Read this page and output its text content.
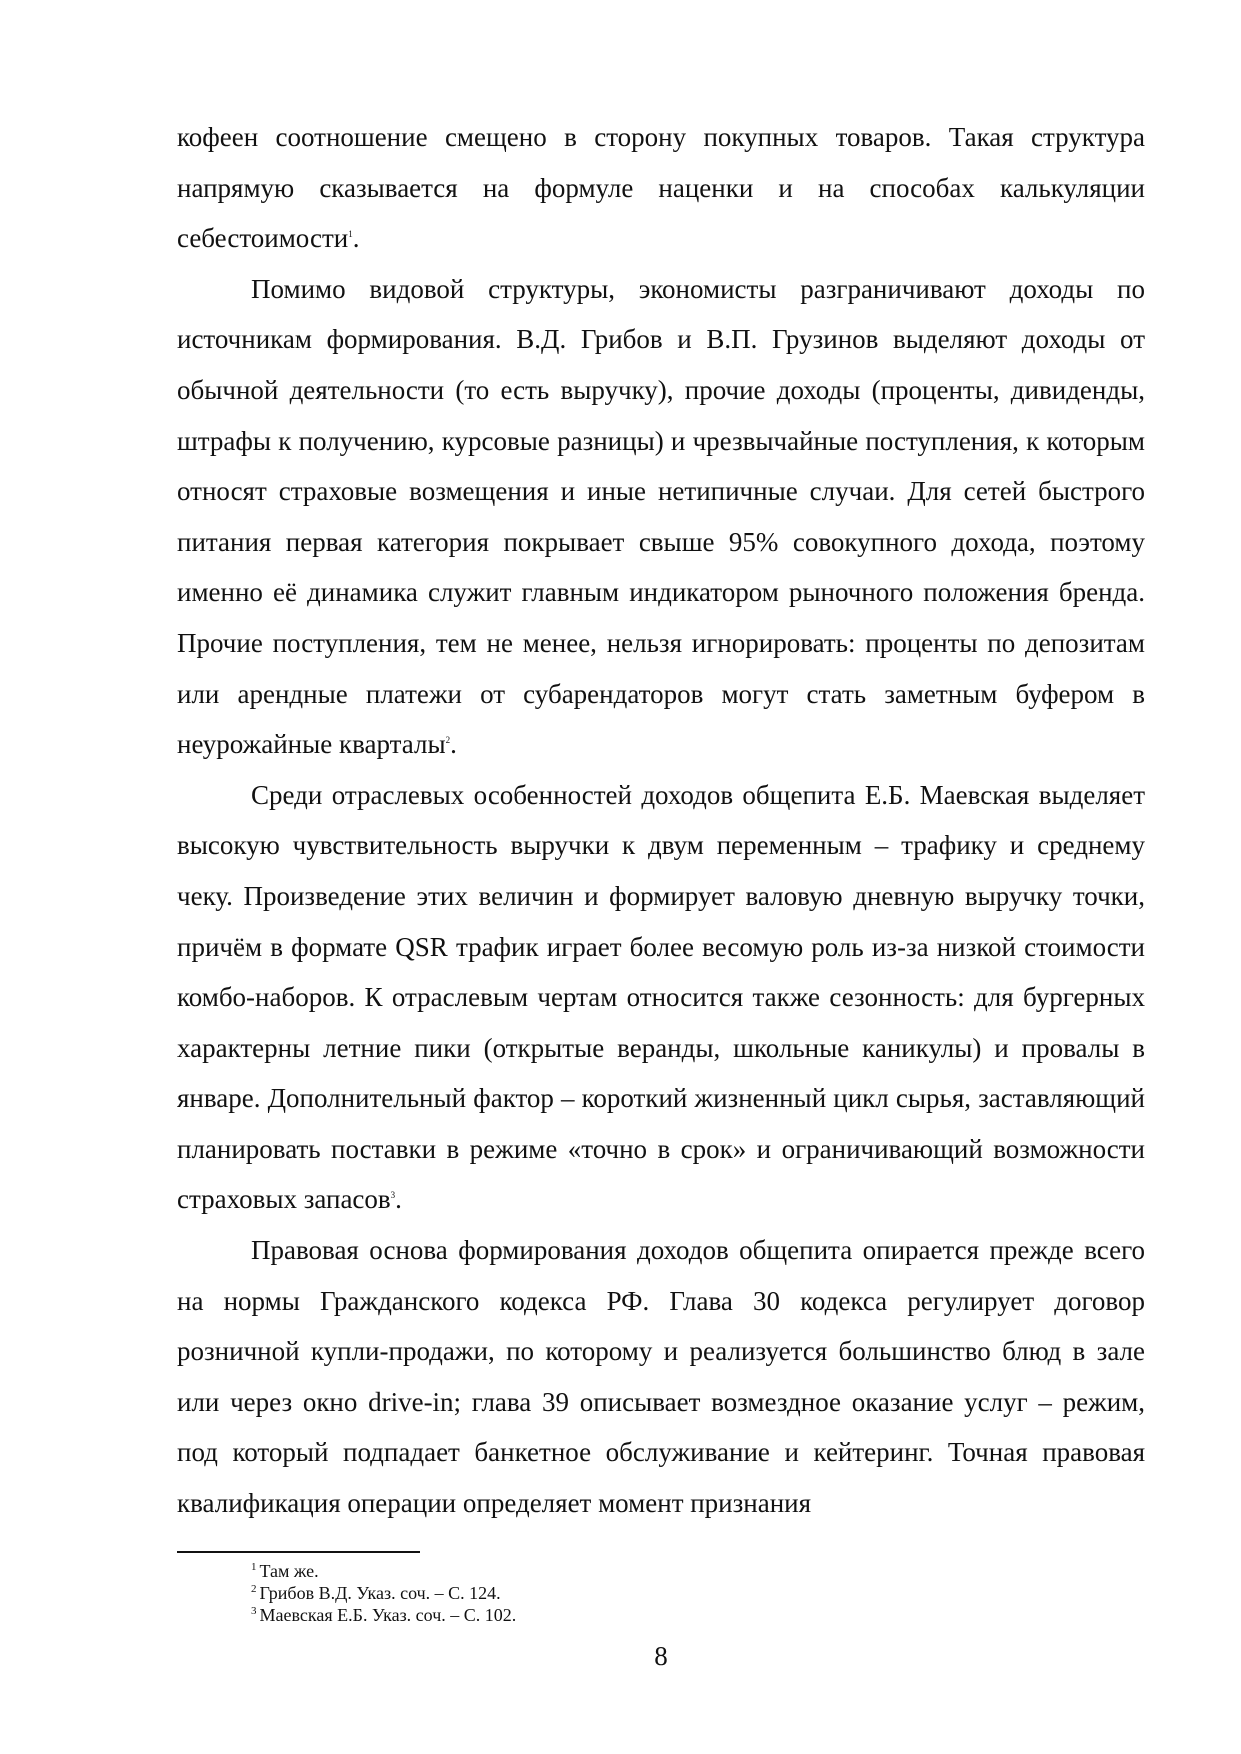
кофеен соотношение смещено в сторону покупных товаров. Такая структура напрямую сказывается на формуле наценки и на способах калькуляции себестоимости$^1$.

Помимо видовой структуры, экономисты разграничивают доходы по источникам формирования. В.Д. Грибов и В.П. Грузинов выделяют доходы от обычной деятельности (то есть выручку), прочие доходы (проценты, дивиденды, штрафы к получению, курсовые разницы) и чрезвычайные поступления, к которым относят страховые возмещения и иные нетипичные случаи. Для сетей быстрого питания первая категория покрывает свыше 95% совокупного дохода, поэтому именно её динамика служит главным индикатором рыночного положения бренда. Прочие поступления, тем не менее, нельзя игнорировать: проценты по депозитам или арендные платежи от субарендаторов могут стать заметным буфером в неурожайные кварталы$^2$.

Среди отраслевых особенностей доходов общепита Е.Б. Маевская выделяет высокую чувствительность выручки к двум переменным – трафику и среднему чеку. Произведение этих величин и формирует валовую дневную выручку точки, причём в формате QSR трафик играет более весомую роль из-за низкой стоимости комбо-наборов. К отраслевым чертам относится также сезонность: для бургерных характерны летние пики (открытые веранды, школьные каникулы) и провалы в январе. Дополнительный фактор – короткий жизненный цикл сырья, заставляющий планировать поставки в режиме «точно в срок» и ограничивающий возможности страховых запасов$^3$.

Правовая основа формирования доходов общепита опирается прежде всего на нормы Гражданского кодекса РФ. Глава 30 кодекса регулирует договор розничной купли-продажи, по которому и реализуется большинство блюд в зале или через окно drive-in; глава 39 описывает возмездное оказание услуг – режим, под который подпадает банкетное обслуживание и кейтеринг. Точная правовая квалификация операции определяет момент признания

$^1$ Там же.

$^2$ Грибов В.Д. Указ. соч. – С. 124.

$^3$ Маевская Е.Б. Указ. соч. – С. 102.

8
